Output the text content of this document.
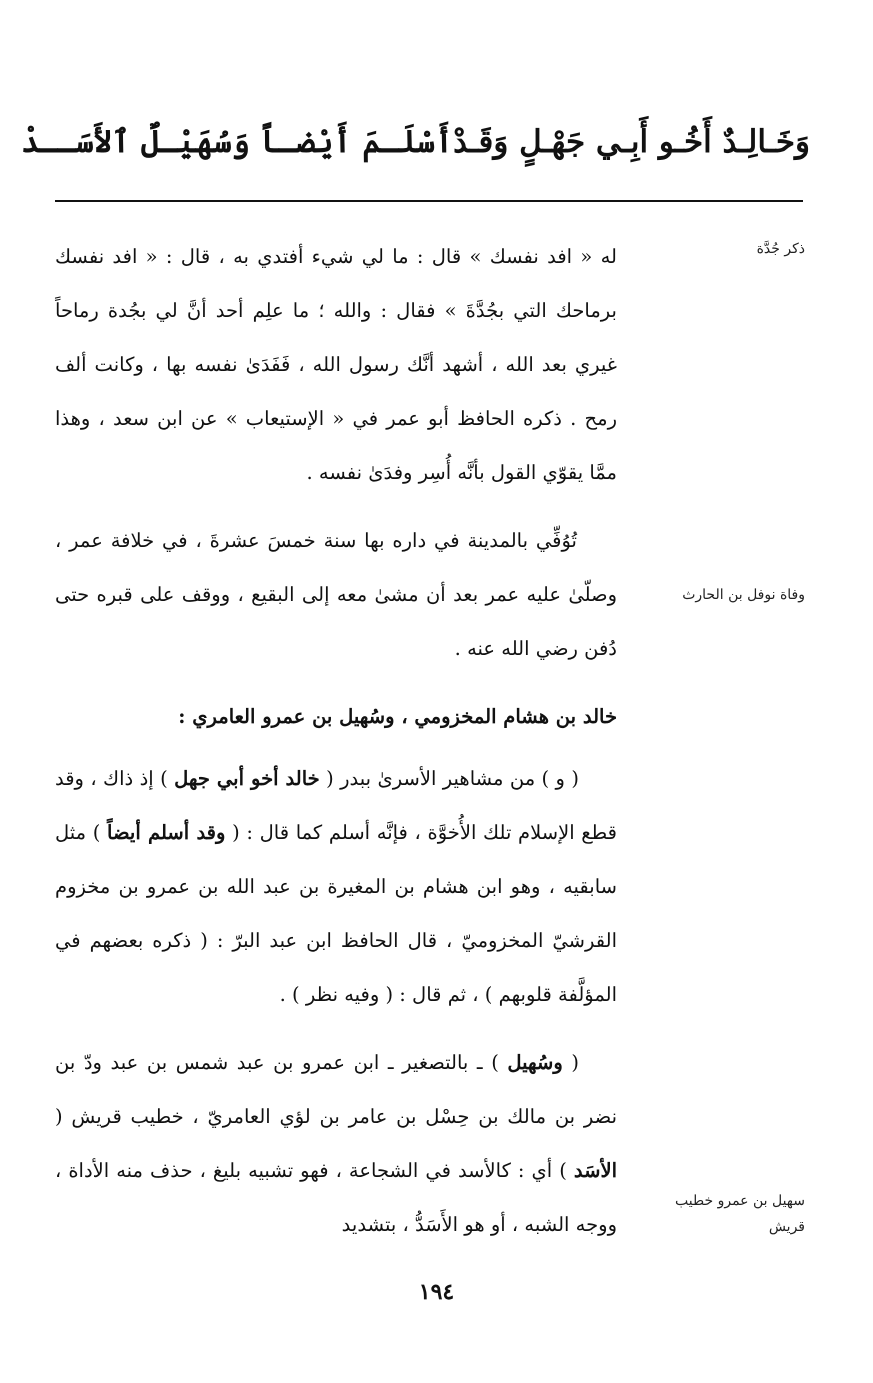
وَخَـالِـدٌ أَخُـو أَبِـي جَهْـلٍ وَقَـدْ
أَسْلَـمَ أَيْضـاً وَسُهَيْـلٌ ٱلأَسَــدْ
ذكر جُدَّة
وفاة نوفل بن الحارث
سهيل بن عمرو خطيب قريش

له « افد نفسك » قال : ما لي شيء أفتدي به ، قال : « افد نفسك برماحك التي بجُدَّةَ » فقال : والله ؛ ما علِم أحد أنَّ لي بجُدة رماحاً غيري بعد الله ، أشهد أنَّك رسول الله ، فَفَدَىٰ نفسه بها ، وكانت ألف رمح . ذكره الحافظ أبو عمر في « الإستيعاب » عن ابن سعد ، وهذا ممَّا يقوّي القول بأنَّه أُسِر وفدَىٰ نفسه .

تُوُفِّي بالمدينة في داره بها سنة خمسَ عشرةَ ، في خلافة عمر ، وصلّىٰ عليه عمر بعد أن مشىٰ معه إلى البقيع ، ووقف على قبره حتى دُفن رضي الله عنه .

خالد بن هشام المخزومي ، وسُهيل بن عمرو العامري :

( و ) من مشاهير الأسرىٰ ببدر ( خالد أخو أبي جهل ) إذ ذاك ، وقد قطع الإسلام تلك الأُخوَّة ، فإنَّه أسلم كما قال : ( وقد أسلم أيضاً ) مثل سابقيه ، وهو ابن هشام بن المغيرة بن عبد الله بن عمرو بن مخزوم القرشيّ المخزوميّ ، قال الحافظ ابن عبد البرّ : ( ذكره بعضهم في المؤلَّفة قلوبهم ) ، ثم قال : ( وفيه نظر ) .

( وسُهيل ) ـ بالتصغير ـ ابن عمرو بن عبد شمس بن عبد ودّ بن نضر بن مالك بن حِسْل بن عامر بن لؤي العامريّ ، خطيب قريش ( الأسَد ) أي : كالأسد في الشجاعة ، فهو تشبيه بليغ ، حذف منه الأداة ، ووجه الشبه ، أو هو الأَسَدُّ ، بتشديد

١٩٤
